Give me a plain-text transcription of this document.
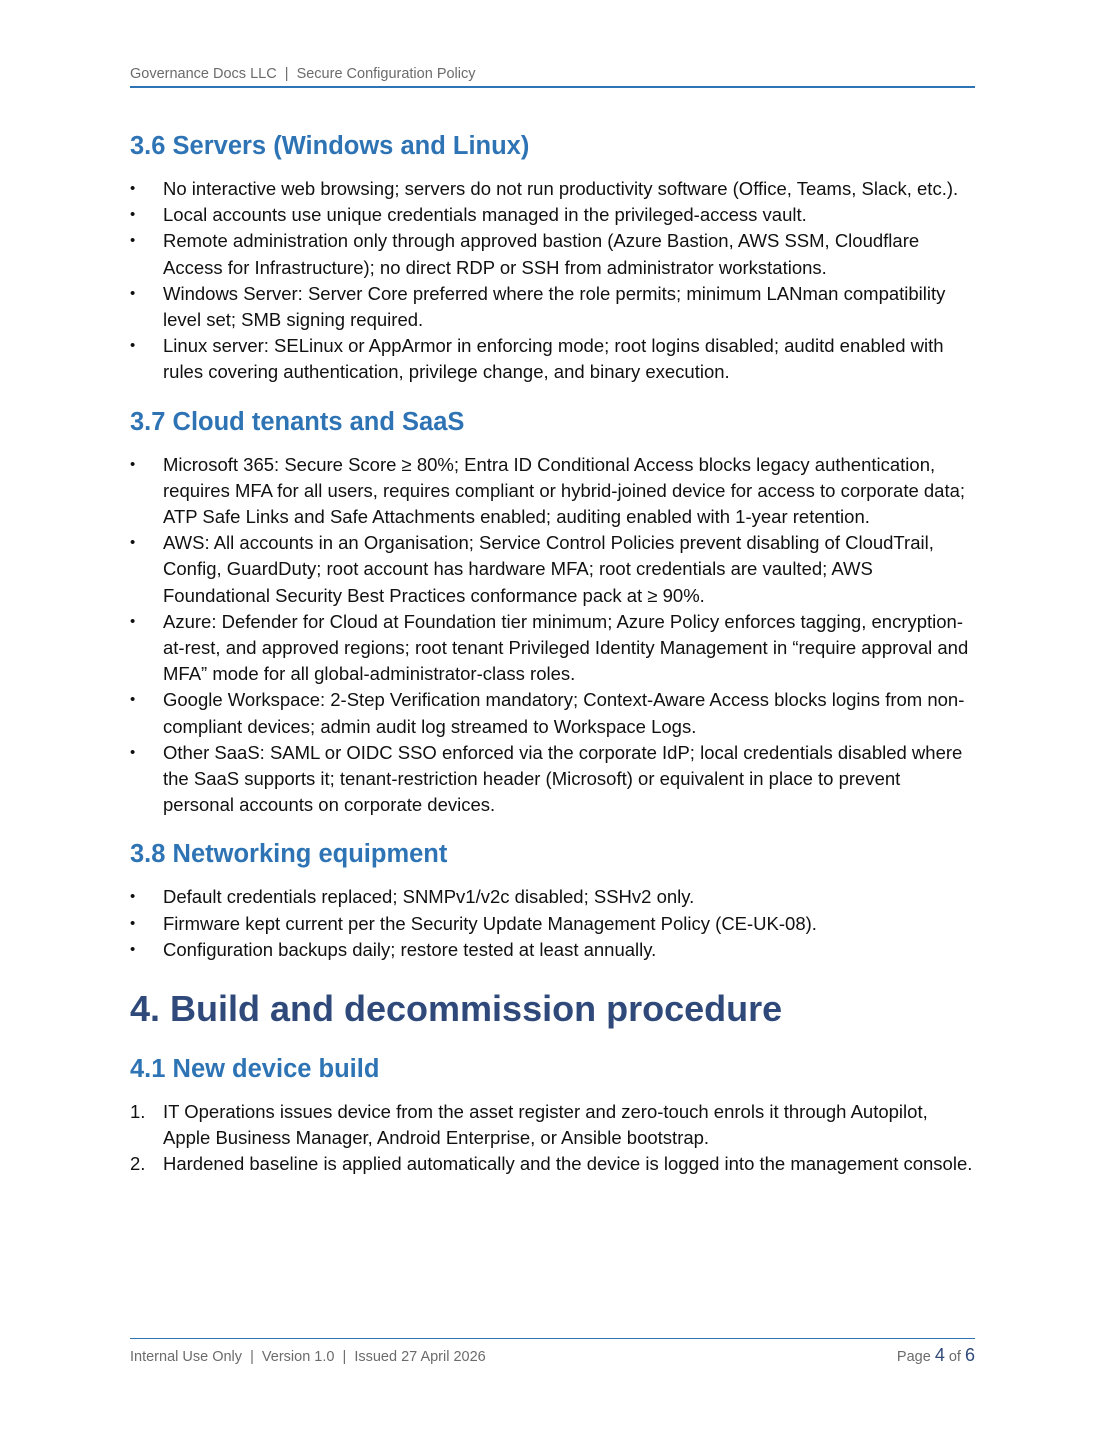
Governance Docs LLC  |  Secure Configuration Policy
3.6 Servers (Windows and Linux)
• No interactive web browsing; servers do not run productivity software (Office, Teams, Slack, etc.).
• Local accounts use unique credentials managed in the privileged-access vault.
• Remote administration only through approved bastion (Azure Bastion, AWS SSM, Cloudflare Access for Infrastructure); no direct RDP or SSH from administrator workstations.
• Windows Server: Server Core preferred where the role permits; minimum LANman compatibility level set; SMB signing required.
• Linux server: SELinux or AppArmor in enforcing mode; root logins disabled; auditd enabled with rules covering authentication, privilege change, and binary execution.
3.7 Cloud tenants and SaaS
• Microsoft 365: Secure Score ≥ 80%; Entra ID Conditional Access blocks legacy authentication, requires MFA for all users, requires compliant or hybrid-joined device for access to corporate data; ATP Safe Links and Safe Attachments enabled; auditing enabled with 1-year retention.
• AWS: All accounts in an Organisation; Service Control Policies prevent disabling of CloudTrail, Config, GuardDuty; root account has hardware MFA; root credentials are vaulted; AWS Foundational Security Best Practices conformance pack at ≥ 90%.
• Azure: Defender for Cloud at Foundation tier minimum; Azure Policy enforces tagging, encryption-at-rest, and approved regions; root tenant Privileged Identity Management in “require approval and MFA” mode for all global-administrator-class roles.
• Google Workspace: 2-Step Verification mandatory; Context-Aware Access blocks logins from non-compliant devices; admin audit log streamed to Workspace Logs.
• Other SaaS: SAML or OIDC SSO enforced via the corporate IdP; local credentials disabled where the SaaS supports it; tenant-restriction header (Microsoft) or equivalent in place to prevent personal accounts on corporate devices.
3.8 Networking equipment
• Default credentials replaced; SNMPv1/v2c disabled; SSHv2 only.
• Firmware kept current per the Security Update Management Policy (CE-UK-08).
• Configuration backups daily; restore tested at least annually.
4. Build and decommission procedure
4.1 New device build
1. IT Operations issues device from the asset register and zero-touch enrols it through Autopilot, Apple Business Manager, Android Enterprise, or Ansible bootstrap.
2. Hardened baseline is applied automatically and the device is logged into the management console.
Internal Use Only  |  Version 1.0  |  Issued 27 April 2026	Page 4 of 6
